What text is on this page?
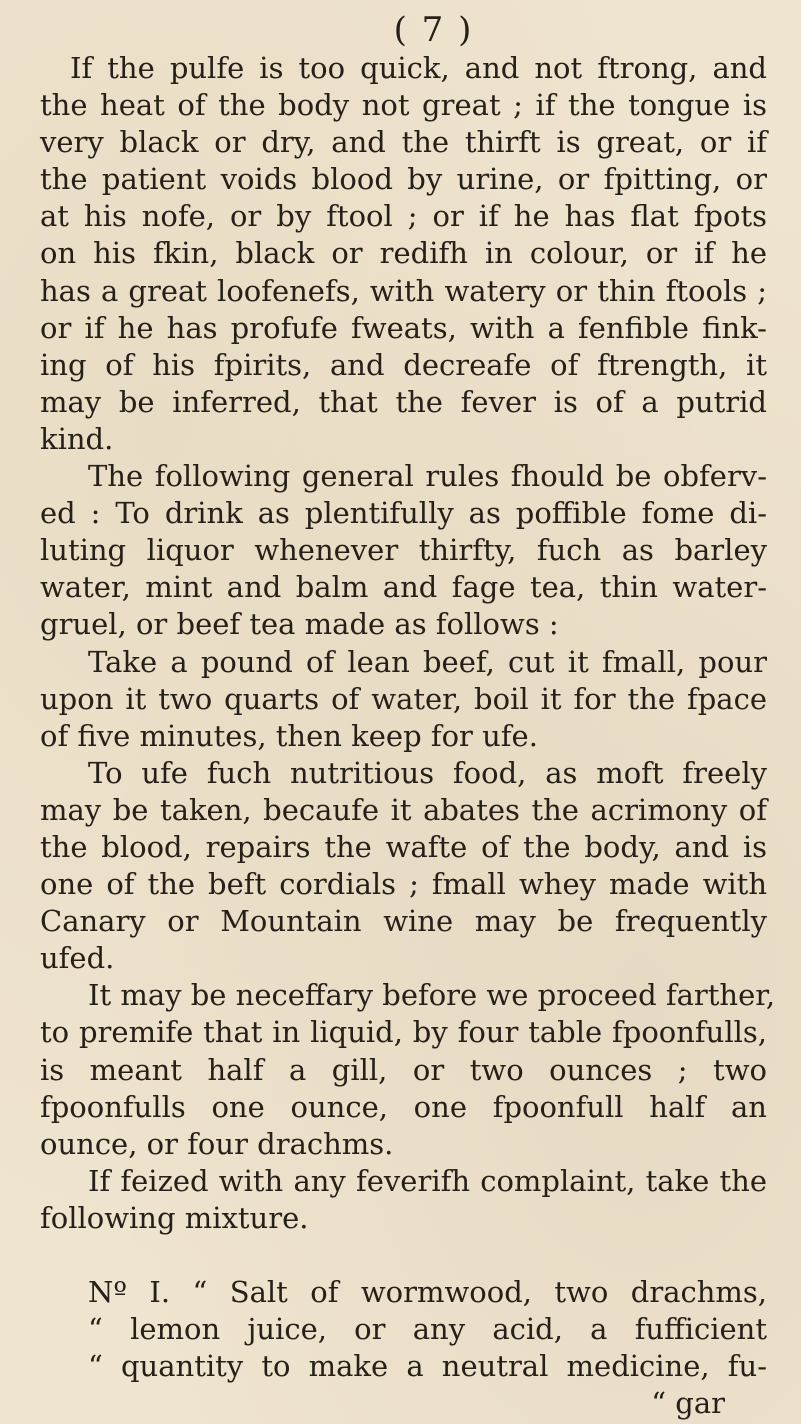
( 7 )
If the pulfe is too quick, and not ftrong, and
the heat of the body not great ; if the tongue is
very black or dry, and the thirft is great, or if
the patient voids blood by urine, or fpitting, or
at his nofe, or by ftool ; or if he has flat fpots
on his fkin, black or redifh in colour, or if he
has a great loofenefs, with watery or thin ftools ;
or if he has profufe fweats, with a fenfible fink-
ing of his fpirits, and decreafe of ftrength, it
may be inferred, that the fever is of a putrid
kind.
The following general rules fhould be obferv-
ed : To drink as plentifully as poffible fome di-
luting liquor whenever thirfty, fuch as barley
water, mint and balm and fage tea, thin water-
gruel, or beef tea made as follows :
Take a pound of lean beef, cut it fmall, pour
upon it two quarts of water, boil it for the fpace
of five minutes, then keep for ufe.
To ufe fuch nutritious food, as moft freely
may be taken, becaufe it abates the acrimony of
the blood, repairs the wafte of the body, and is
one of the beft cordials ; fmall whey made with
Canary or Mountain wine may be frequently
ufed.
It may be neceffary before we proceed farther,
to premife that in liquid, by four table fpoonfulls,
is meant half a gill, or two ounces ; two
fpoonfulls one ounce, one fpoonfull half an
ounce, or four drachms.
If feized with any feverifh complaint, take the
following mixture.
Nº I. “ Salt of wormwood, two drachms,
“ lemon juice, or any acid, a fufficient
“ quantity to make a neutral medicine, fu-
“ gar
